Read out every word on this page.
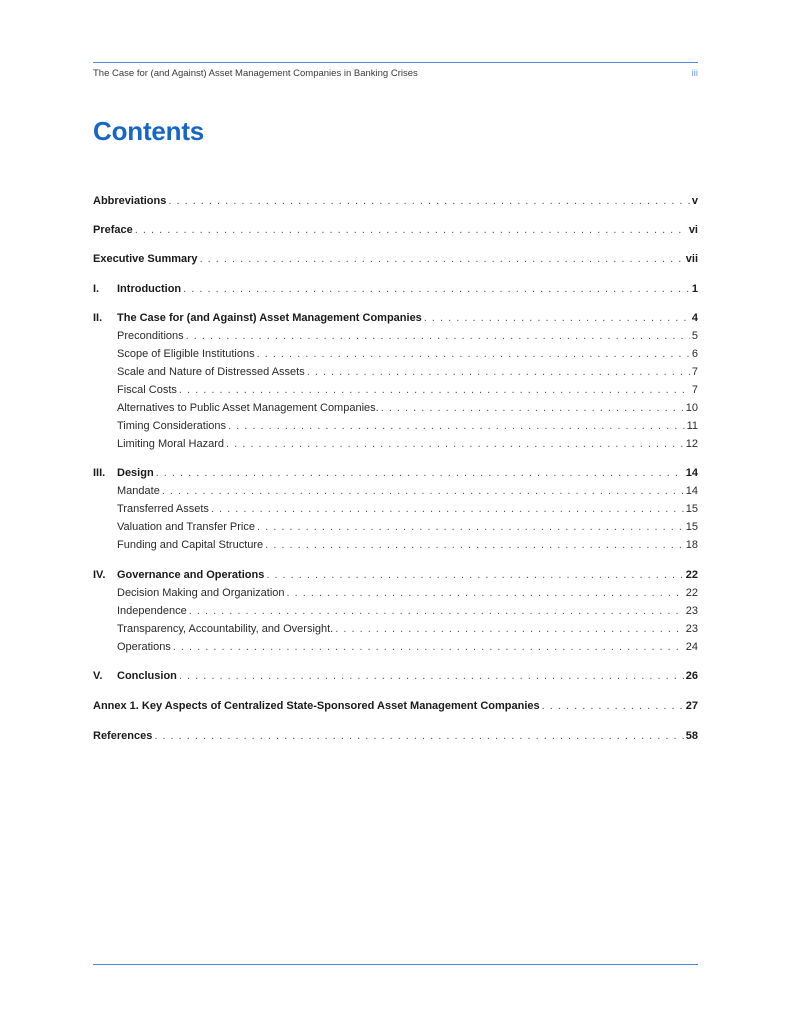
The Case for (and Against) Asset Management Companies in Banking Crises	iii
Contents
Abbreviations . . .	v
Preface . . .	vi
Executive Summary . . .	vii
I.	Introduction . . .	1
II.	The Case for (and Against) Asset Management Companies . . .	4
Preconditions . . .	5
Scope of Eligible Institutions . . .	6
Scale and Nature of Distressed Assets . . .	7
Fiscal Costs . . .	7
Alternatives to Public Asset Management Companies. . . .	10
Timing Considerations . . .	11
Limiting Moral Hazard . . .	12
III.	Design . . .	14
Mandate . . .	14
Transferred Assets . . .	15
Valuation and Transfer Price . . .	15
Funding and Capital Structure . . .	18
IV.	Governance and Operations . . .	22
Decision Making and Organization . . .	22
Independence . . .	23
Transparency, Accountability, and Oversight. . . .	23
Operations . . .	24
V.	Conclusion . . .	26
Annex 1. Key Aspects of Centralized State-Sponsored Asset Management Companies . . .	27
References . . .	58
